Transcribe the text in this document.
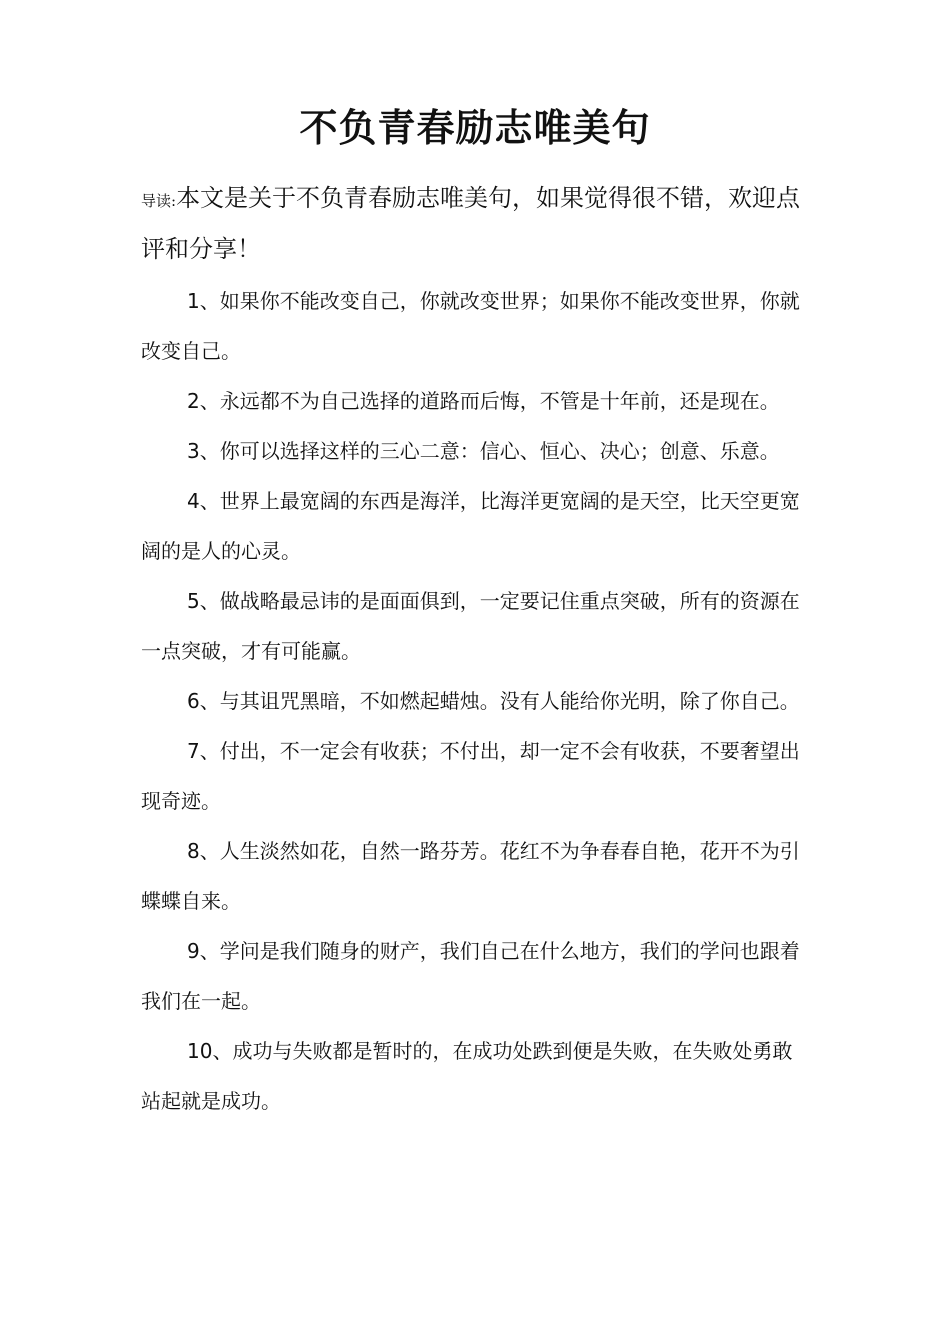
不负青春励志唯美句
导读:本文是关于不负青春励志唯美句，如果觉得很不错，欢迎点评和分享！
1、如果你不能改变自己，你就改变世界；如果你不能改变世界，你就改变自己。
2、永远都不为自己选择的道路而后悔，不管是十年前，还是现在。
3、你可以选择这样的三心二意：信心、恒心、决心；创意、乐意。
4、世界上最宽阔的东西是海洋，比海洋更宽阔的是天空，比天空更宽阔的是人的心灵。
5、做战略最忌讳的是面面俱到，一定要记住重点突破，所有的资源在一点突破，才有可能赢。
6、与其诅咒黑暗，不如燃起蜡烛。没有人能给你光明，除了你自己。
7、付出，不一定会有收获；不付出，却一定不会有收获，不要奢望出现奇迹。
8、人生淡然如花，自然一路芬芳。花红不为争春春自艳，花开不为引蝶蝶自来。
9、学问是我们随身的财产，我们自己在什么地方，我们的学问也跟着我们在一起。
10、成功与失败都是暂时的，在成功处跌到便是失败，在失败处勇敢站起就是成功。
